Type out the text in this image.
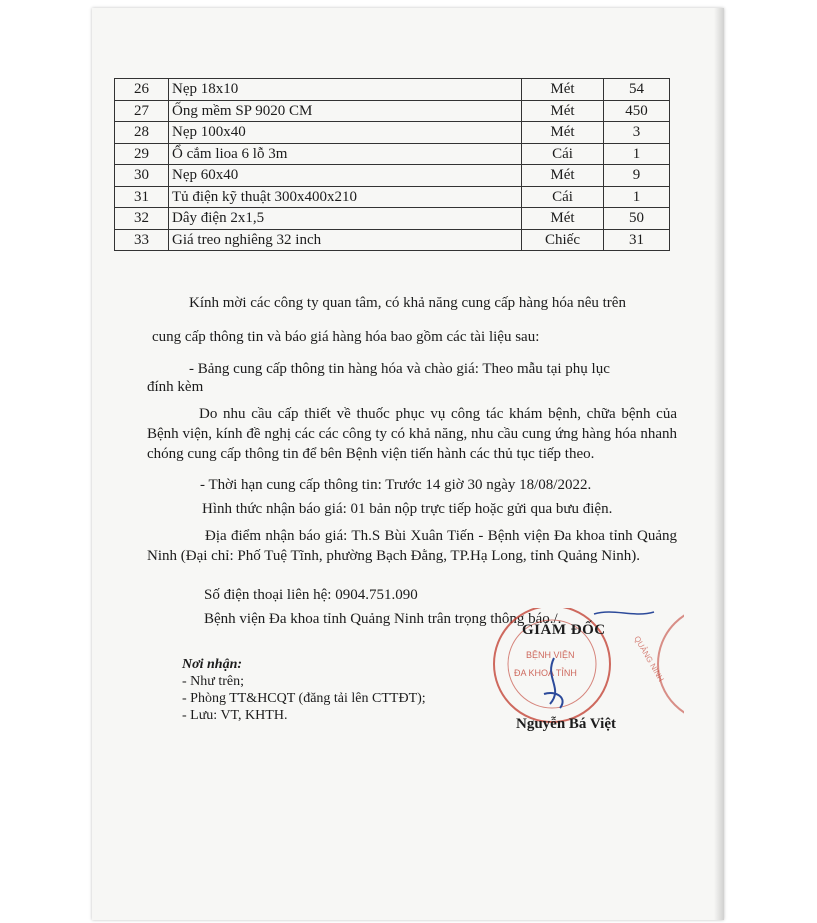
26	Nẹp 18x10	Mét	54
27	Ống mềm SP 9020 CM	Mét	450
28	Nẹp 100x40	Mét	3
29	Ổ cắm lioa 6 lỗ 3m	Cái	1
30	Nẹp 60x40	Mét	9
31	Tủ điện kỹ thuật 300x400x210	Cái	1
32	Dây điện 2x1,5	Mét	50
33	Giá treo nghiêng 32 inch	Chiếc	31
Kính mời các công ty quan tâm, có khả năng cung cấp hàng hóa nêu trên
cung cấp thông tin và báo giá hàng hóa bao gồm các tài liệu sau:
- Bảng cung cấp thông tin hàng hóa và chào giá: Theo mẫu tại phụ lục
đính kèm
Do nhu cầu cấp thiết về thuốc phục vụ công tác khám bệnh, chữa bệnh của Bệnh viện, kính đề nghị các các công ty có khả năng, nhu cầu cung ứng hàng hóa nhanh chóng cung cấp thông tin để bên Bệnh viện tiến hành các thủ tục tiếp theo.
- Thời hạn cung cấp thông tin: Trước 14 giờ 30 ngày 18/08/2022.
Hình thức nhận báo giá: 01 bản nộp trực tiếp hoặc gửi qua bưu điện.
Địa điểm nhận báo giá: Th.S Bùi Xuân Tiến - Bệnh viện Đa khoa tỉnh Quảng Ninh (Đại chỉ: Phố Tuệ Tĩnh, phường Bạch Đằng, TP.Hạ Long, tỉnh Quảng Ninh).
Số điện thoại liên hệ: 0904.751.090
Bệnh viện Đa khoa tỉnh Quảng Ninh trân trọng thông báo./.
BỆNH VIỆN
ĐA KHOA TỈNH	QUẢNG NINH
GIÁM ĐỐC
Nguyễn Bá Việt
Nơi nhận:
- Như trên;
- Phòng TT&HCQT (đăng tải lên CTTĐT);
- Lưu: VT, KHTH.
